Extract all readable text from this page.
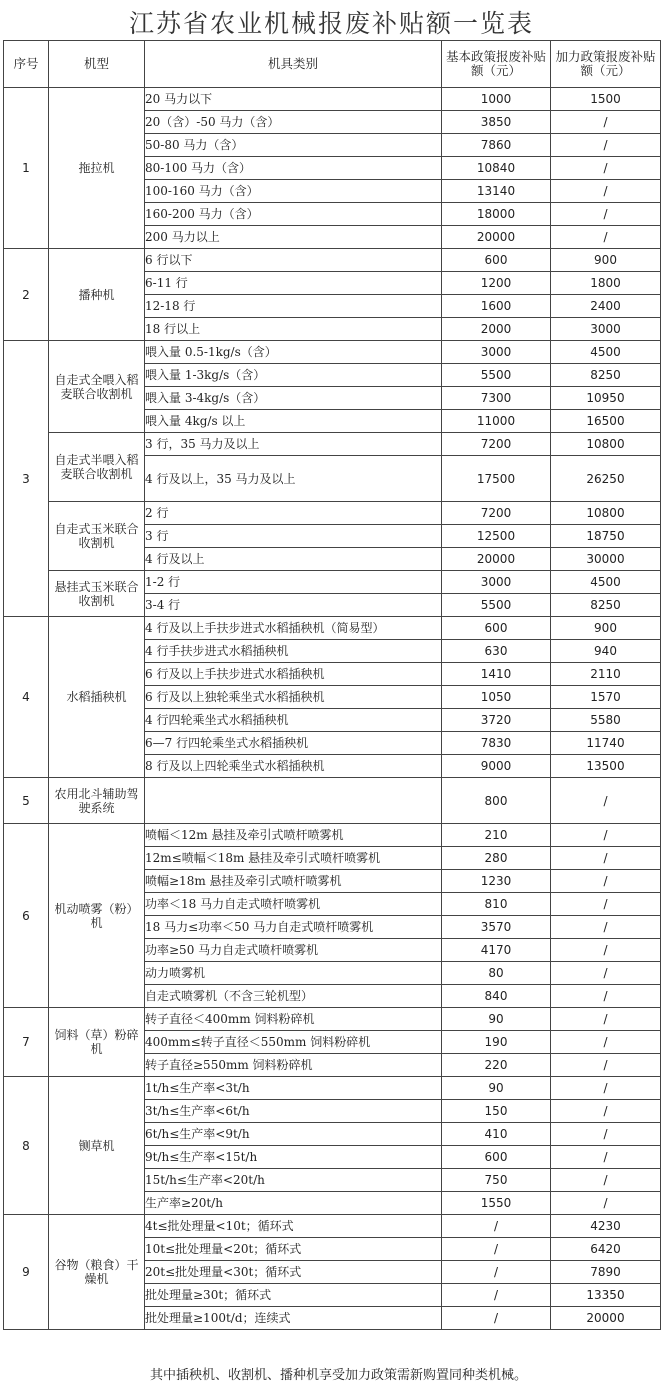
江苏省农业机械报废补贴额一览表
序号	机型	机具类别	基本政策报废补贴额（元）	加力政策报废补贴额（元）
1	拖拉机	20 马力以下	1000	1500
		20（含）-50 马力（含）	3850	/
		50-80 马力（含）	7860	/
		80-100 马力（含）	10840	/
		100-160 马力（含）	13140	/
		160-200 马力（含）	18000	/
		200 马力以上	20000	/
2	播种机	6 行以下	600	900
		6-11 行	1200	1800
		12-18 行	1600	2400
		18 行以上	2000	3000
3	自走式全喂入稻麦联合收割机	喂入量 0.5-1kg/s（含）	3000	4500
		喂入量 1-3kg/s（含）	5500	8250
		喂入量 3-4kg/s（含）	7300	10950
		喂入量 4kg/s 以上	11000	16500
	自走式半喂入稻麦联合收割机	3 行，35 马力及以上	7200	10800
		4 行及以上，35 马力及以上	17500	26250
	自走式玉米联合收割机	2 行	7200	10800
		3 行	12500	18750
		4 行及以上	20000	30000
	悬挂式玉米联合收割机	1-2 行	3000	4500
		3-4 行	5500	8250
4	水稻插秧机	4 行及以上手扶步进式水稻插秧机（简易型）	600	900
		4 行手扶步进式水稻插秧机	630	940
		6 行及以上手扶步进式水稻插秧机	1410	2110
		6 行及以上独轮乘坐式水稻插秧机	1050	1570
		4 行四轮乘坐式水稻插秧机	3720	5580
		6—7 行四轮乘坐式水稻插秧机	7830	11740
		8 行及以上四轮乘坐式水稻插秧机	9000	13500
5	农用北斗辅助驾驶系统		800	/
6	机动喷雾（粉）机	喷幅＜12m 悬挂及牵引式喷杆喷雾机	210	/
		12m≤喷幅＜18m 悬挂及牵引式喷杆喷雾机	280	/
		喷幅≥18m 悬挂及牵引式喷杆喷雾机	1230	/
		功率＜18 马力自走式喷杆喷雾机	810	/
		18 马力≤功率＜50 马力自走式喷杆喷雾机	3570	/
		功率≥50 马力自走式喷杆喷雾机	4170	/
		动力喷雾机	80	/
		自走式喷雾机（不含三轮机型）	840	/
7	饲料（草）粉碎机	转子直径＜400mm 饲料粉碎机	90	/
		400mm≤转子直径＜550mm 饲料粉碎机	190	/
		转子直径≥550mm 饲料粉碎机	220	/
8	铡草机	1t/h≤生产率<3t/h	90	/
		3t/h≤生产率<6t/h	150	/
		6t/h≤生产率<9t/h	410	/
		9t/h≤生产率<15t/h	600	/
		15t/h≤生产率<20t/h	750	/
		生产率≥20t/h	1550	/
9	谷物（粮食）干燥机	4t≤批处理量<10t；循环式	/	4230
		10t≤批处理量<20t；循环式	/	6420
		20t≤批处理量<30t；循环式	/	7890
		批处理量≥30t；循环式	/	13350
		批处理量≥100t/d；连续式	/	20000
其中插秧机、收割机、播种机享受加力政策需新购置同种类机械。
